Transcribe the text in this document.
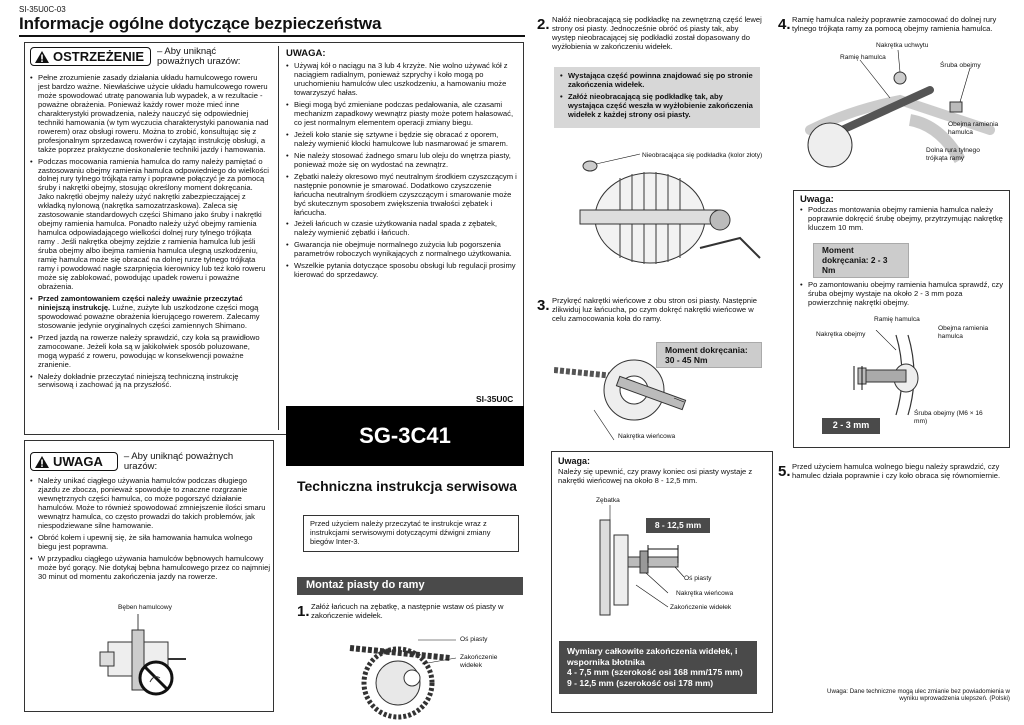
SI-35U0C-03
Informacje ogólne dotyczące bezpieczeństwa
OSTRZEŻENIE – Aby uniknąć poważnych urazów:
• Pełne zrozumienie zasady działania układu hamulcowego roweru jest bardzo ważne. Niewłaściwe użycie układu hamulcowego roweru może spowodować utratę panowania lub wypadek, a w rezultacie - poważne obrażenia. Ponieważ każdy rower może mieć inne charakterystyki prowadzenia, należy nauczyć się odpowiedniej techniki hamowania (w tym wyczucia charakterystyki panowania nad rowerem) oraz obsługi roweru. Można to zrobić, konsultując się z profesjonalnym sprzedawcą rowerów i czytając instrukcję obsługi, a także poprzez praktyczne doskonalenie techniki jazdy i hamowania.
• Podczas mocowania ramienia hamulca do ramy należy pamiętać o zastosowaniu obejmy ramienia hamulca odpowiedniego do wielkości dolnej rury tylnego trójkąta ramy i poprawne połączyć je za pomocą śruby i nakrętki obejmy, stosując określony moment dokręcania. Jako nakrętki obejmy należy użyć nakrętki zabezpieczającej z wkładką nylonową (nakrętka samozatrzaskowa). Zaleca się zastosowanie standardowych części Shimano jako śruby i nakrętki obejmy ramienia hamulca. Ponadto należy użyć obejmy ramienia hamulca odpowiadającego wielkości dolnej rury tylnego trójkąta ramy . Jeśli nakrętka obejmy zejdzie z ramienia hamulca lub jeśli śruba obejmy albo ibejma ramienia hamulca ulegną uszkodzeniu, ramię hamulca może się obracać na dolnej rurze tylnego trójkąta ramy i powodować nagłe szarpnięcia kierownicy lub też koło roweru może się zablokować, powodując upadek roweru i poważne obrażenia.
• Przed zamontowaniem części należy uważnie przeczytać niniejszą instrukcję. Luźne, zużyte lub uszkodzone części mogą spowodować poważne obrażenia kierującego rowerem. Zalecamy stosowanie jedynie oryginalnych części zamiennych Shimano.
• Przed jazdą na rowerze należy sprawdzić, czy koła są prawidłowo zamocowane. Jeżeli koła są w jakikolwiek sposób poluzowane, mogą wypaść z roweru, powodując w konsekwencji poważne zranienie.
• Należy dokładnie przeczytać niniejszą techniczną instrukcję serwisową i zachować ją na przyszłość.
UWAGA:
• Używaj kół o naciągu na 3 lub 4 krzyże. Nie wolno używać kół z naciągiem radialnym, ponieważ szprychy i koło mogą po uruchomieniu hamulców ulec uszkodzeniu, a hamowaniu może towarzyszyć hałas.
• Biegi mogą być zmieniane podczas pedałowania, ale czasami mechanizm zapadkowy wewnątrz piasty może potem hałasować, co jest normalnym elementem operacji zmiany biegu.
• Jeżeli koło stanie się sztywne i będzie się obracać z oporem, należy wymienić kłocki hamulcowe lub nasmarować je smarem.
• Nie należy stosować żadnego smaru lub oleju do wnętrza piasty, ponieważ może się on wydostać na zewnątrz.
• Zębatki należy okresowo myć neutralnym środkiem czyszczącym i następnie ponownie je smarować. Dodatkowo czyszczenie łańcucha neutralnym środkiem czyszczącym i smarowanie może być skutecznym sposobem zwiększenia trwałości zębatek i łańcucha.
• Jeżeli łańcuch w czasie użytkowania nadal spada z zębatek, należy wymienić zębatki i łańcuch.
• Gwarancja nie obejmuje normalnego zużycia lub pogorszenia parametrów roboczych wynikających z normalnego użytkowania.
• Wszelkie pytania dotyczące sposobu obsługi lub regulacji prosimy kierować do sprzedawcy.
UWAGA – Aby uniknąć poważnych urazów:
• Należy unikać ciągłego używania hamulców podczas długiego zjazdu ze zbocza, ponieważ spowoduje to znaczne rozgrzanie wewnętrznych części hamulca, co może pogorszyć działanie hamulców. Może to również spowodować zmniejszenie ilości smaru wewnątrz hamulca, co często prowadzi do takich problemów, jak niespodziewane silne hamowanie.
• Obróć kołem i upewnij się, że siła hamowania hamulca wolnego biegu jest poprawna.
• W przypadku ciągłego używania hamulców bębnowych hamulcowy może być gorący. Nie dotykaj bębna hamulcowego przez co najmniej 30 minut od momentu zakończenia jazdy na rowerze.
Bęben hamulcowy
SI-35U0C
SG-3C41
Techniczna instrukcja serwisowa
Przed użyciem należy przeczytać te instrukcje wraz z instrukcjami serwisowymi dotyczącymi dźwigni zmiany biegów Inter-3.
Montaż piasty do ramy
1. Załóż łańcuch na zębatkę, a następnie wstaw oś piasty w zakończenie widełek.
Oś piasty
Zakończenie widełek
2. Nałóż nieobracającą się podkładkę na zewnętrzną część lewej strony osi piasty. Jednocześnie obróć oś piasty tak, aby występ nieobracającej się podkładki został dopasowany do wyżłobienia w zakończeniu widełek.
• Wystająca część powinna znajdować się po stronie zakończenia widełek.
• Załóż nieobracającą się podkładkę tak, aby wystająca część weszła w wyżłobienie zakończenia widełek z każdej strony osi piasty.
Nieobracająca się podkładka (kolor złoty)
3. Przykręć nakrętki wieńcowe z obu stron osi piasty. Następnie zlikwiduj luz łańcucha, po czym dokręć nakrętki wieńcowe w celu zamocowania koła do ramy.
Moment dokręcania: 30 - 45 Nm
Nakrętka wieńcowa
Uwaga:
Należy się upewnić, czy prawy koniec osi piasty wystaje z nakrętki wieńcowej na około 8 - 12,5 mm.
Zębatka
8 - 12,5 mm
Oś piasty
Nakrętka wieńcowa
Zakończenie widełek
Wymiary całkowite zakończenia widełek, i wspornika błotnika
4 - 7,5 mm (szerokość osi 168 mm/175 mm)
9 - 12,5 mm (szerokość osi 178 mm)
4. Ramię hamulca należy poprawnie zamocować do dolnej rury tylnego trójkąta ramy za pomocą obejmy ramienia hamulca.
Nakrętka uchwytu
Ramię hamulca
Śruba obejmy
Obejma ramienia hamulca
Dolna rura tylnego trójkąta ramy
Uwaga:
• Podczas montowania obejmy ramienia hamulca należy poprawnie dokręcić śrubę obejmy, przytrzymując nakrętkę kluczem 10 mm.
Moment dokręcania: 2 - 3 Nm
• Po zamontowaniu obejmy ramienia hamulca sprawdź, czy śruba obejmy wystaje na około 2 - 3 mm poza powierzchnię nakrętki obejmy.
Ramię hamulca
Nakrętka obejmy
Obejma ramienia hamulca
Śruba obejmy (M6 × 16 mm)
2 - 3 mm
5. Przed użyciem hamulca wolnego biegu należy sprawdzić, czy hamulec działa poprawnie i czy koło obraca się równomiernie.
Uwaga: Dane techniczne mogą ulec zmianie bez powiadomienia w wyniku wprowadzenia ulepszeń. (Polski)
